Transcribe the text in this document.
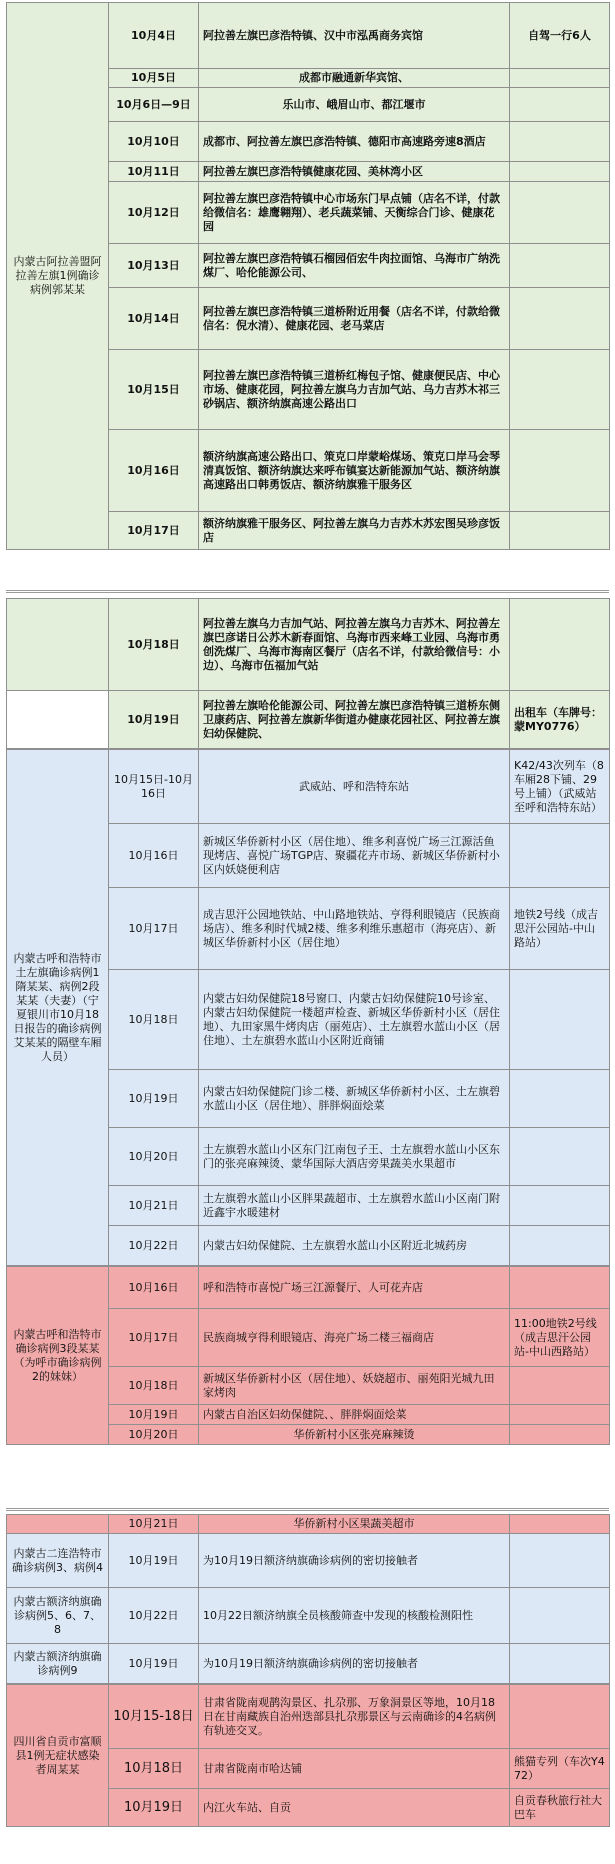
内蒙古阿拉善盟阿拉善左旗1例确诊病例郭某某	10月4日	阿拉善左旗巴彦浩特镇、汉中市泓禹商务宾馆	自驾一行6人
	10月5日	成都市融通新华宾馆、	
	10月6日—9日	乐山市、峨眉山市、都江堰市	
	10月10日	成都市、阿拉善左旗巴彦浩特镇、德阳市高速路旁速8酒店	
	10月11日	阿拉善左旗巴彦浩特镇健康花园、美林湾小区	
	10月12日	阿拉善左旗巴彦浩特镇中心市场东门早点铺（店名不详，付款给微信名：雄鹰翱翔）、老兵蔬菜铺、天衡综合门诊、健康花园	
	10月13日	阿拉善左旗巴彦浩特镇石榴园佰宏牛肉拉面馆、乌海市广纳洗煤厂、哈伦能源公司、	
	10月14日	阿拉善左旗巴彦浩特镇三道桥附近用餐（店名不详，付款给微信名：倪水清）、健康花园、老马菜店	
	10月15日	阿拉善左旗巴彦浩特镇三道桥红梅包子馆、健康便民店、中心市场、健康花园，阿拉善左旗乌力吉加气站、乌力吉苏木祁三砂锅店、额济纳旗高速公路出口	
	10月16日	额济纳旗高速公路出口、策克口岸蒙峪煤场、策克口岸马会琴清真饭馆、额济纳旗达来呼布镇宴达新能源加气站、额济纳旗高速路出口韩勇饭店、额济纳旗雅干服务区	
	10月17日	额济纳旗雅干服务区、阿拉善左旗乌力吉苏木苏宏图吴珍彦饭店	
	10月18日	阿拉善左旗乌力吉加气站、阿拉善左旗乌力吉苏木、阿拉善左旗巴彦诺日公苏木新春面馆、乌海市西来峰工业园、乌海市勇创洗煤厂、乌海市海南区餐厅（店名不详，付款给微信号：小边）、乌海市伍福加气站	
	10月19日	阿拉善左旗哈伦能源公司、阿拉善左旗巴彦浩特镇三道桥东侧卫康药店、阿拉善左旗新华街道办健康花园社区、阿拉善左旗妇幼保健院、	出租车（车牌号：蒙MY0776）
内蒙古呼和浩特市土左旗确诊病例1隋某某、病例2段某某（夫妻）（宁夏银川市10月18日报告的确诊病例艾某某的隔壁车厢人员）	10月15日-10月16日	武威站、呼和浩特东站	K42/43次列车（8车厢28下铺、29号上铺）（武威站至呼和浩特东站）
	10月16日	新城区华侨新村小区（居住地）、维多利喜悦广场三江源活鱼现烤店、喜悦广场TGP店、聚疆花卉市场、新城区华侨新村小区内妖娆便利店	
	10月17日	成吉思汗公园地铁站、中山路地铁站、亨得利眼镜店（民族商场店）、维多利时代城2楼、维多利维乐惠超市（海亮店）、新城区华侨新村小区（居住地）	地铁2号线（成吉思汗公园站-中山路站）
	10月18日	内蒙古妇幼保健院18号窗口、内蒙古妇幼保健院10号诊室、内蒙古妇幼保健院一楼超声检查、新城区华侨新村小区（居住地）、九田家黑牛烤肉店（丽苑店）、土左旗碧水蓝山小区（居住地）、土左旗碧水蓝山小区附近商铺	
	10月19日	内蒙古妇幼保健院门诊二楼、新城区华侨新村小区、土左旗碧水蓝山小区（居住地）、胖胖焖面烩菜	
	10月20日	土左旗碧水蓝山小区东门江南包子王、土左旗碧水蓝山小区东门的张亮麻辣烫、蒙华国际大酒店旁果蔬美水果超市	
	10月21日	土左旗碧水蓝山小区胖果蔬超市、土左旗碧水蓝山小区南门附近鑫宇水暖建材	
	10月22日	内蒙古妇幼保健院、土左旗碧水蓝山小区附近北城药房	
内蒙古呼和浩特市确诊病例3段某某（为呼市确诊病例2的妹妹）	10月16日	呼和浩特市喜悦广场三江源餐厅、人可花卉店	
	10月17日	民族商城亨得利眼镜店、海亮广场二楼三福商店	11:00地铁2号线（成吉思汗公园站-中山西路站）
	10月18日	新城区华侨新村小区（居住地）、妖娆超市、丽苑阳光城九田家烤肉	
	10月19日	内蒙古自治区妇幼保健院、、胖胖焖面烩菜	
	10月20日	华侨新村小区张亮麻辣烫	
	10月21日	华侨新村小区果蔬美超市	
内蒙古二连浩特市确诊病例3、病例4	10月19日	为10月19日额济纳旗确诊病例的密切接触者	
内蒙古额济纳旗确诊病例5、6、7、8	10月22日	10月22日额济纳旗全员核酸筛查中发现的核酸检测阳性	
内蒙古额济纳旗确诊病例9	10月19日	为10月19日额济纳旗确诊病例的密切接触者	
四川省自贡市富顺县1例无症状感染者周某某	10月15-18日	甘肃省陇南观鹊沟景区、扎尕那、万象洞景区等地，10月18日在甘南藏族自治州迭部县扎尕那景区与云南确诊的4名病例有轨迹交叉。	
	10月18日	甘肃省陇南市哈达铺	熊猫专列（车次Y472）
	10月19日	内江火车站、自贡	自贡春秋旅行社大巴车
